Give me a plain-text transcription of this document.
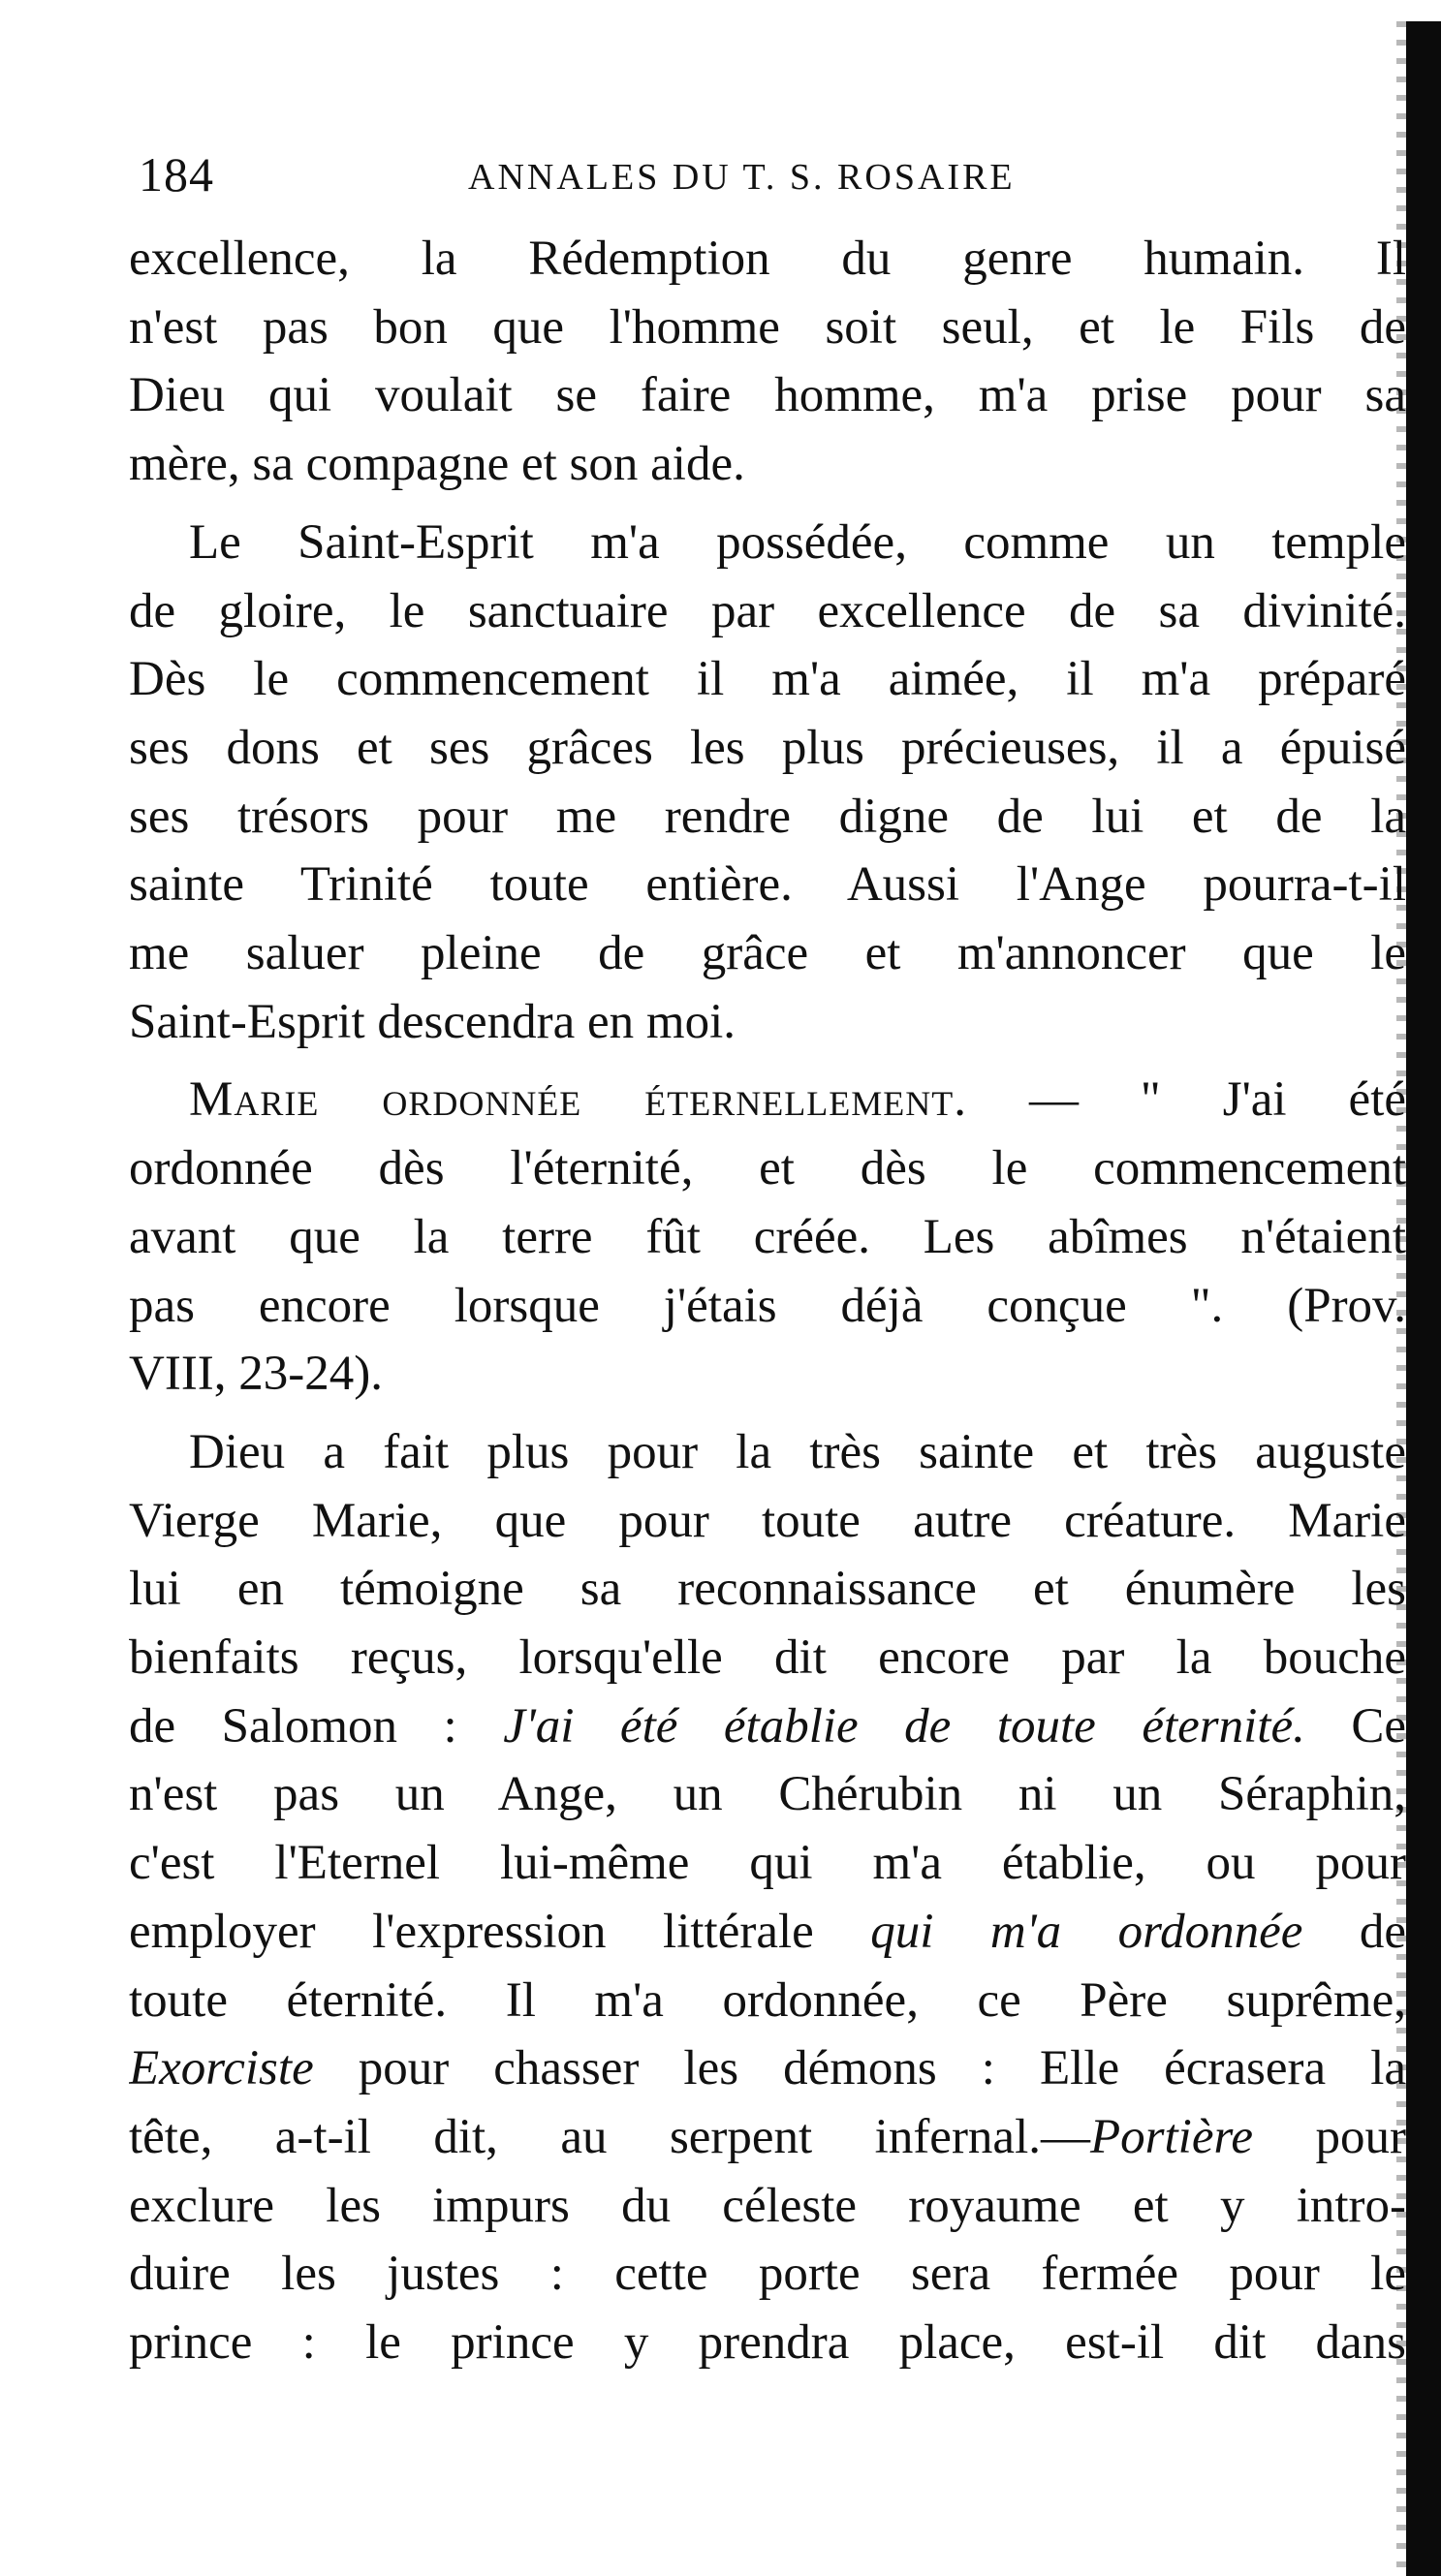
184	ANNALES DU T. S. ROSAIRE

excellence, la Rédemption du genre humain. Il
n'est pas bon que l'homme soit seul, et le Fils de
Dieu qui voulait se faire homme, m'a prise pour sa
mère, sa compagne et son aide.

Le Saint-Esprit m'a possédée, comme un temple
de gloire, le sanctuaire par excellence de sa divinité.
Dès le commencement il m'a aimée, il m'a préparé
ses dons et ses grâces les plus précieuses, il a épuisé
ses trésors pour me rendre digne de lui et de la
sainte Trinité toute entière. Aussi l'Ange pourra-t-il
me saluer pleine de grâce et m'annoncer que le
Saint-Esprit descendra en moi.

Marie ordonnée éternellement. — " J'ai été
ordonnée dès l'éternité, et dès le commencement
avant que la terre fût créée. Les abîmes n'étaient
pas encore lorsque j'étais déjà conçue ". (Prov.
VIII, 23-24).

Dieu a fait plus pour la très sainte et très auguste
Vierge Marie, que pour toute autre créature. Marie
lui en témoigne sa reconnaissance et énumère les
bienfaits reçus, lorsqu'elle dit encore par la bouche
de Salomon : J'ai été établie de toute éternité. Ce
n'est pas un Ange, un Chérubin ni un Séraphin,
c'est l'Eternel lui-même qui m'a établie, ou pour
employer l'expression littérale qui m'a ordonnée de
toute éternité. Il m'a ordonnée, ce Père suprême,
Exorciste pour chasser les démons : Elle écrasera la
tête, a-t-il dit, au serpent infernal.—Portière pour
exclure les impurs du céleste royaume et y intro-
duire les justes : cette porte sera fermée pour le
prince : le prince y prendra place, est-il dit dans
